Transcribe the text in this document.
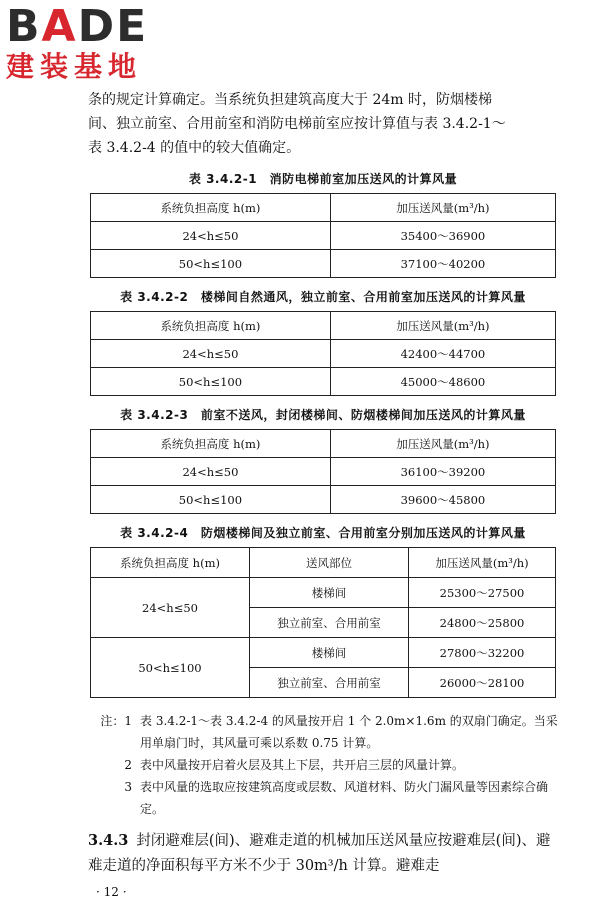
BADE
建装基地

条的规定计算确定。当系统负担建筑高度大于 24m 时，防烟楼梯

间、独立前室、合用前室和消防电梯前室应按计算值与表 3.4.2-1～

表 3.4.2-4 的值中的较大值确定。

表 3.4.2-1　消防电梯前室加压送风的计算风量
系统负担高度 h(m)	加压送风量(m³/h)
24<h≤50	35400～36900
50<h≤100	37100～40200
表 3.4.2-2　楼梯间自然通风，独立前室、合用前室加压送风的计算风量
系统负担高度 h(m)	加压送风量(m³/h)
24<h≤50	42400～44700
50<h≤100	45000～48600
表 3.4.2-3　前室不送风，封闭楼梯间、防烟楼梯间加压送风的计算风量
系统负担高度 h(m)	加压送风量(m³/h)
24<h≤50	36100～39200
50<h≤100	39600～45800
表 3.4.2-4　防烟楼梯间及独立前室、合用前室分别加压送风的计算风量
系统负担高度 h(m)	送风部位	加压送风量(m³/h)
24<h≤50	楼梯间	25300～27500
	独立前室、合用前室	24800～25800
50<h≤100	楼梯间	27800～32200
	独立前室、合用前室	26000～28100
注：1 表 3.4.2-1～表 3.4.2-4 的风量按开启 1 个 2.0m×1.6m 的双扇门确定。当采用单扇门时，其风量可乘以系数 0.75 计算。
2 表中风量按开启着火层及其上下层，共开启三层的风量计算。
3 表中风量的选取应按建筑高度或层数、风道材料、防火门漏风量等因素综合确定。
3.4.3 封闭避难层(间)、避难走道的机械加压送风量应按避难层(间)、避难走道的净面积每平方米不少于 30m³/h 计算。避难走
· 12 ·
